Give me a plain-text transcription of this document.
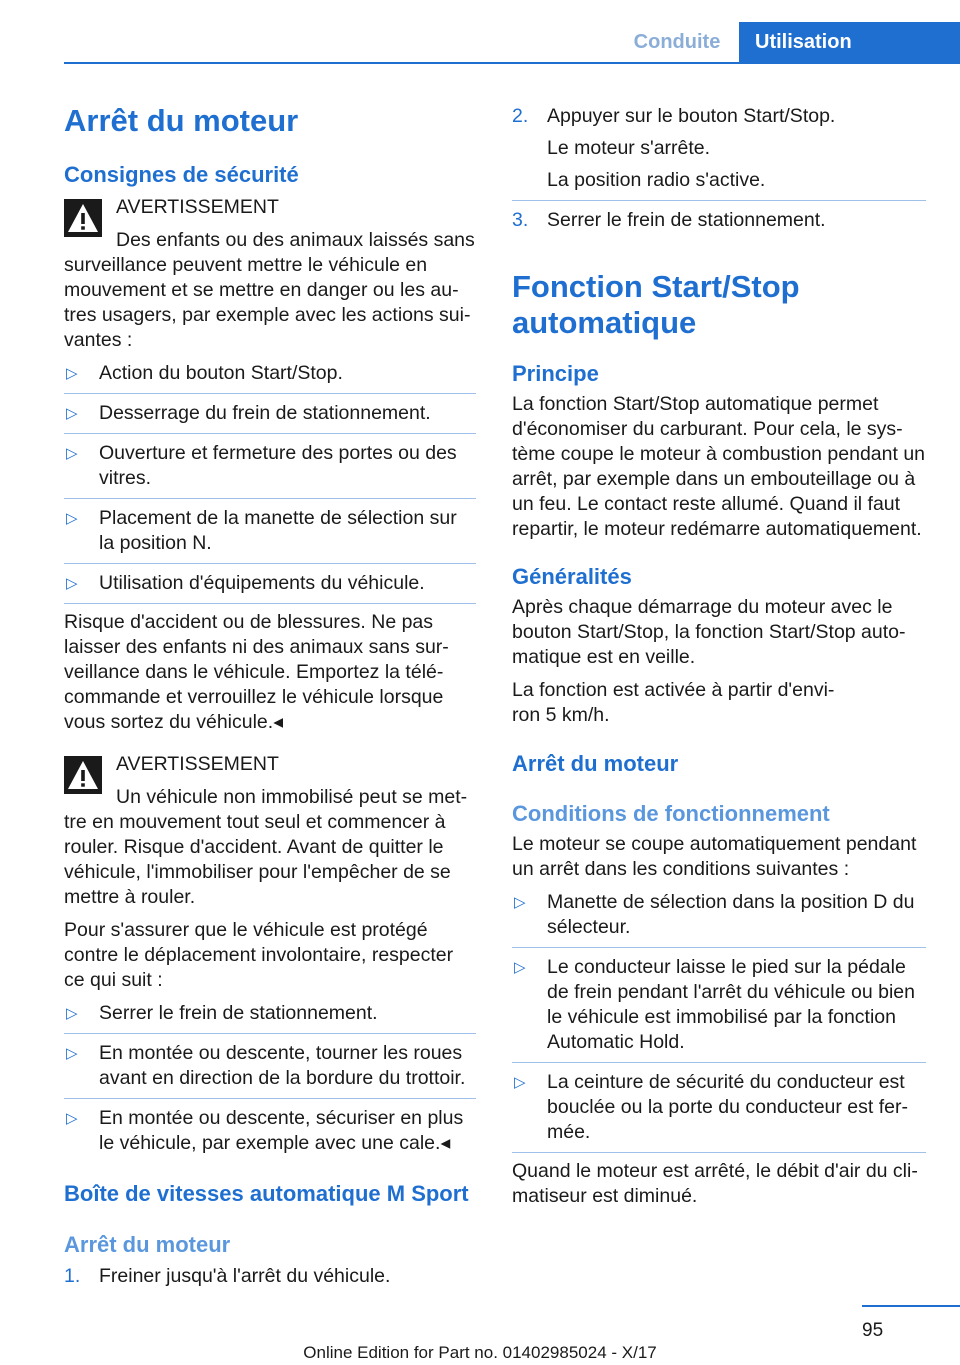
Conduite	Utilisation
Arrêt du moteur
Consignes de sécurité

AVERTISSEMENT

Des enfants ou des animaux laissés sans surveillance peuvent mettre le véhicule en mouvement et se mettre en danger ou les autres usagers, par exemple avec les actions suivantes :

▷ Action du bouton Start/Stop.
▷ Desserrage du frein de stationnement.
▷ Ouverture et fermeture des portes ou des vitres.
▷ Placement de la manette de sélection sur la position N.
▷ Utilisation d'équipements du véhicule.

Risque d'accident ou de blessures. Ne pas laisser des enfants ni des animaux sans surveillance dans le véhicule. Emportez la télécommande et verrouillez le véhicule lorsque vous sortez du véhicule.◂

AVERTISSEMENT

Un véhicule non immobilisé peut se mettre en mouvement tout seul et commencer à rouler. Risque d'accident. Avant de quitter le véhicule, l'immobiliser pour l'empêcher de se mettre à rouler.

Pour s'assurer que le véhicule est protégé contre le déplacement involontaire, respecter ce qui suit :

▷ Serrer le frein de stationnement.
▷ En montée ou descente, tourner les roues avant en direction de la bordure du trottoir.
▷ En montée ou descente, sécuriser en plus le véhicule, par exemple avec une cale.◂
Boîte de vitesses automatique M Sport
Arrêt du moteur
1. Freiner jusqu'à l'arrêt du véhicule.
2. Appuyer sur le bouton Start/Stop.

Le moteur s'arrête.

La position radio s'active.

3. Serrer le frein de stationnement.

Fonction Start/Stop automatique
Principe

La fonction Start/Stop automatique permet d'économiser du carburant. Pour cela, le système coupe le moteur à combustion pendant un arrêt, par exemple dans un embouteillage ou à un feu. Le contact reste allumé. Quand il faut repartir, le moteur redémarre automatiquement.

Généralités

Après chaque démarrage du moteur avec le bouton Start/Stop, la fonction Start/Stop automatique est en veille.

La fonction est activée à partir d'environ 5 km/h.

Arrêt du moteur
Conditions de fonctionnement

Le moteur se coupe automatiquement pendant un arrêt dans les conditions suivantes :

▷ Manette de sélection dans la position D du sélecteur.
▷ Le conducteur laisse le pied sur la pédale de frein pendant l'arrêt du véhicule ou bien le véhicule est immobilisé par la fonction Automatic Hold.
▷ La ceinture de sécurité du conducteur est bouclée ou la porte du conducteur est fermée.

Quand le moteur est arrêté, le débit d'air du climatiseur est diminué.

95
Online Edition for Part no. 01402985024 - X/17
